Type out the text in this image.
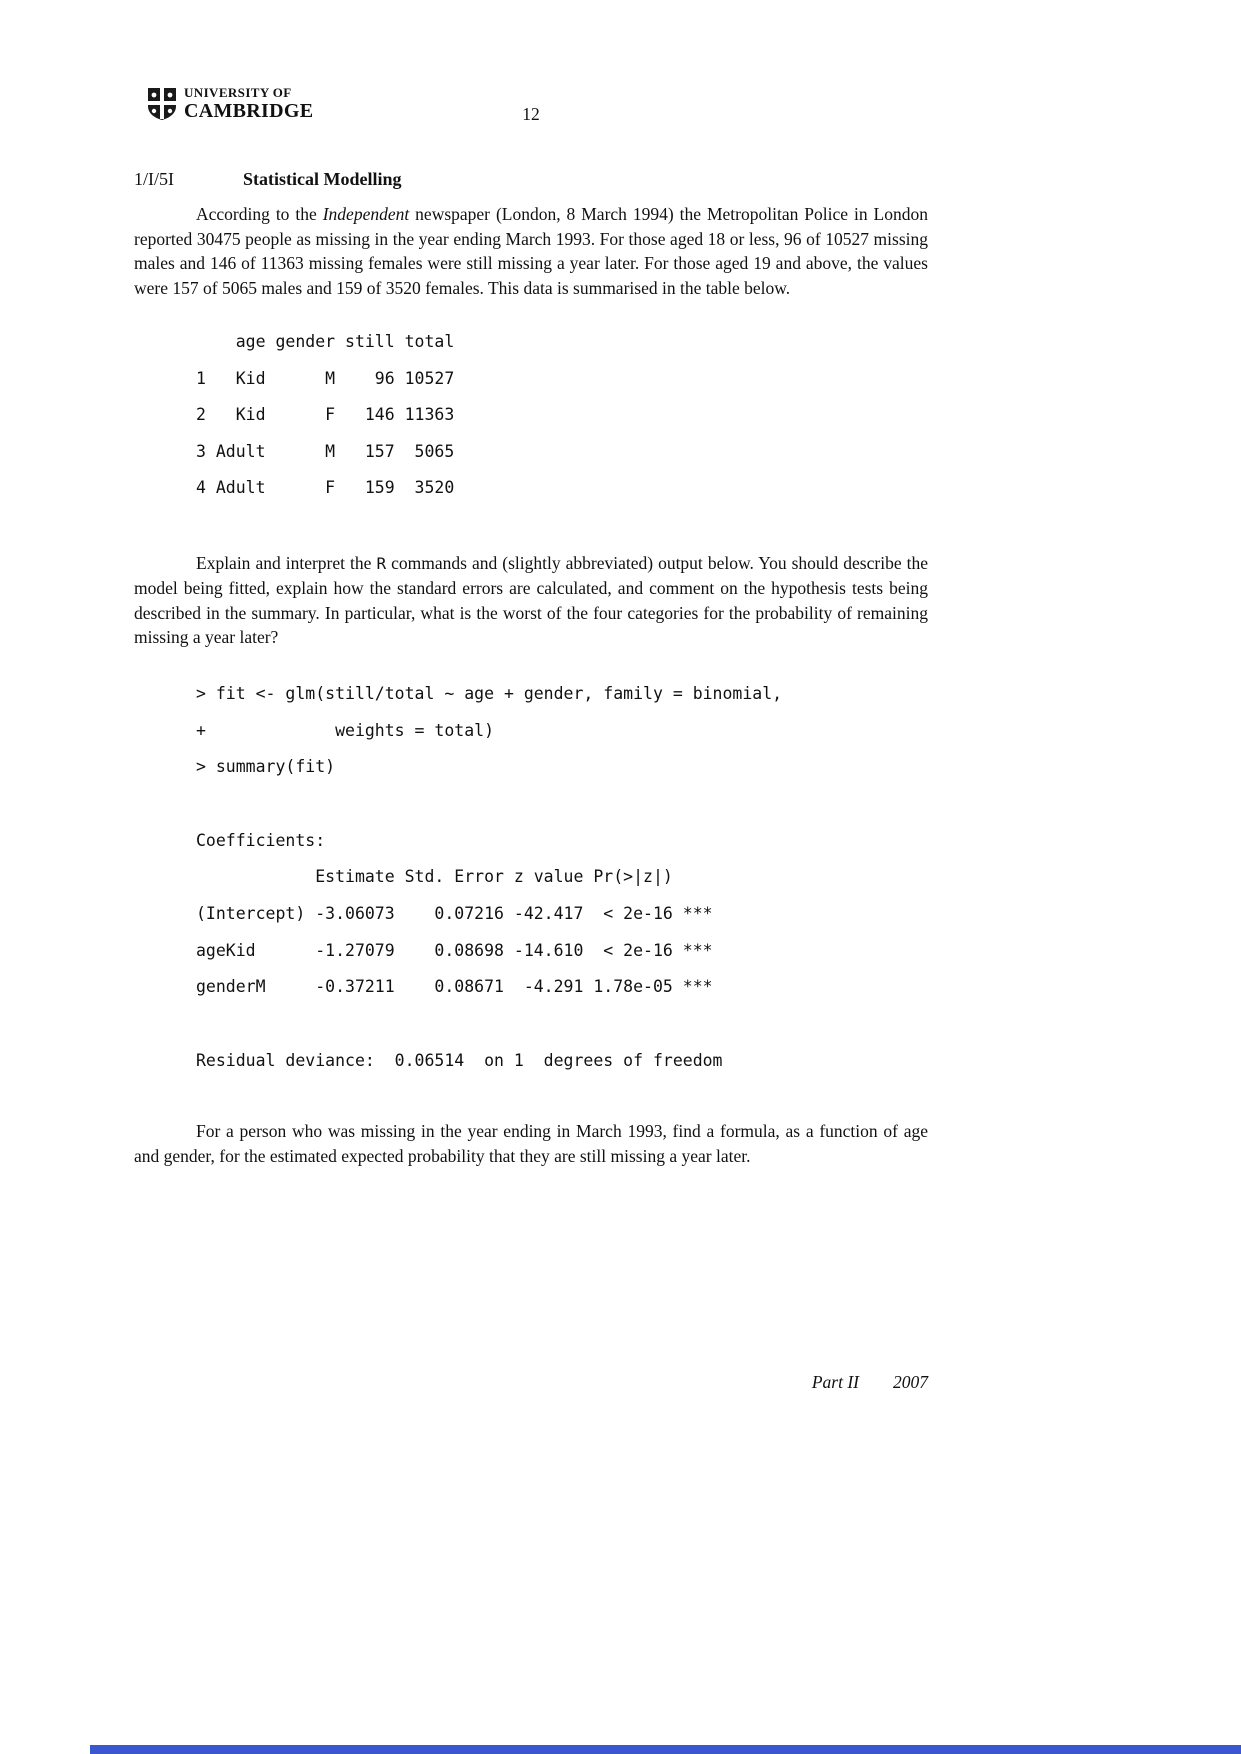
UNIVERSITY OF
CAMBRIDGE	12
1/I/5I	Statistical Modelling

According to the Independent newspaper (London, 8 March 1994) the Metropolitan Police in London reported 30475 people as missing in the year ending March 1993. For those aged 18 or less, 96 of 10527 missing males and 146 of 11363 missing females were still missing a year later. For those aged 19 and above, the values were 157 of 5065 males and 159 of 3520 females. This data is summarised in the table below.

age gender still total
1   Kid      M    96 10527
2   Kid      F   146 11363
3 Adult      M   157  5065
4 Adult      F   159  3520

Explain and interpret the R commands and (slightly abbreviated) output below. You should describe the model being fitted, explain how the standard errors are calculated, and comment on the hypothesis tests being described in the summary. In particular, what is the worst of the four categories for the probability of remaining missing a year later?

> fit <- glm(still/total ~ age + gender, family = binomial,
+             weights = total)
> summary(fit)
Coefficients:
Estimate Std. Error z value Pr(>|z|)
(Intercept) -3.06073    0.07216 -42.417  < 2e-16 ***
ageKid      -1.27079    0.08698 -14.610  < 2e-16 ***
genderM     -0.37211    0.08671  -4.291 1.78e-05 ***
Residual deviance:  0.06514  on 1  degrees of freedom

For a person who was missing in the year ending in March 1993, find a formula, as a function of age and gender, for the estimated expected probability that they are still missing a year later.

Part II 2007
